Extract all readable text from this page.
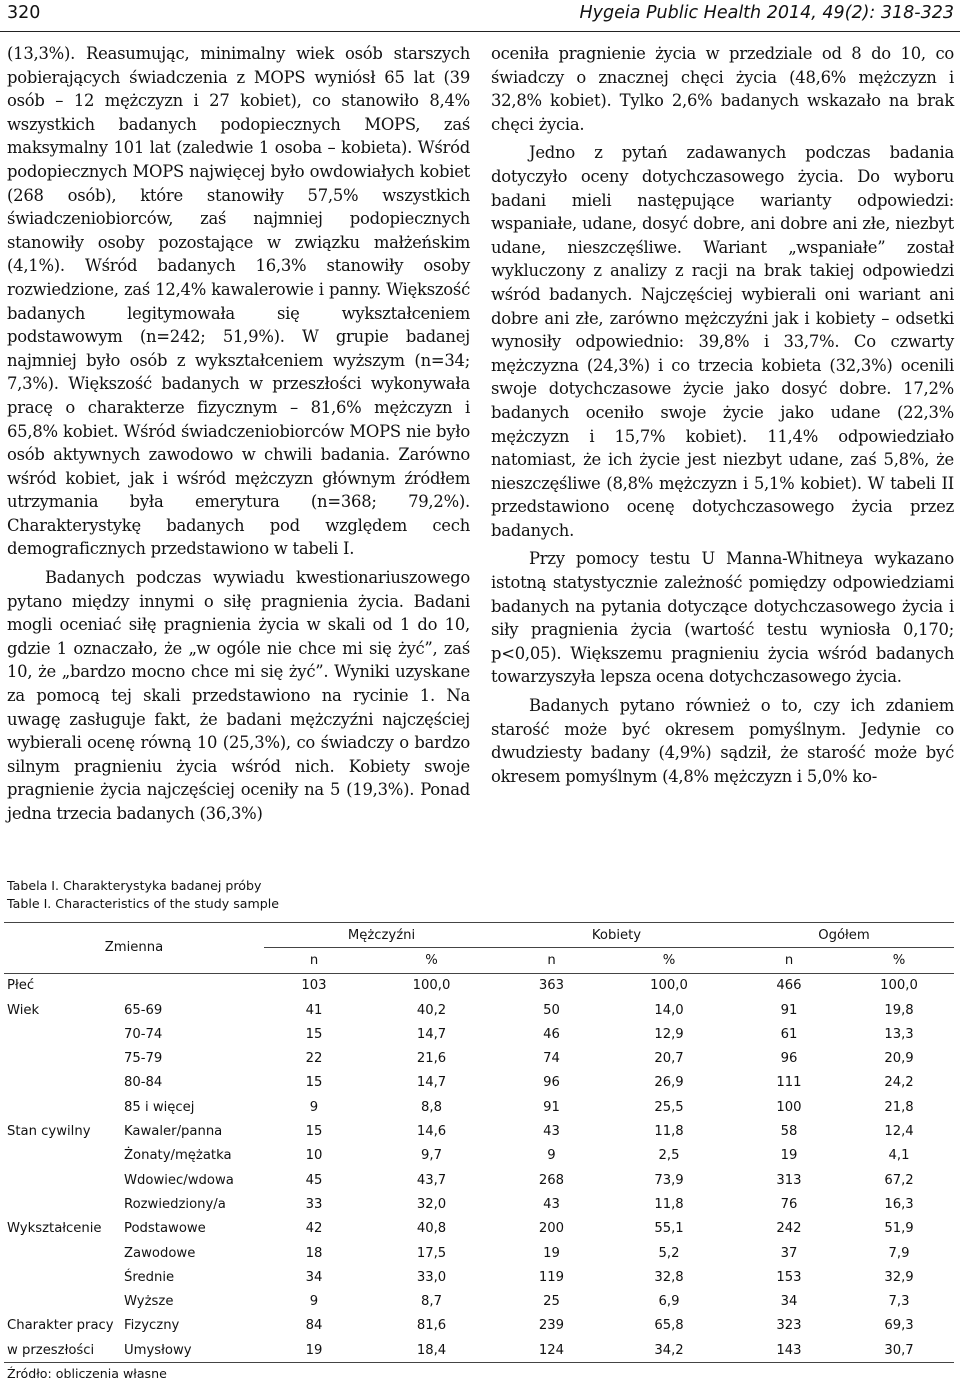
320	Hygeia Public Health 2014, 49(2): 318-323

(13,3%). Reasumując, minimalny wiek osób starszych pobierających świadczenia z MOPS wyniósł 65 lat (39 osób – 12 mężczyzn i 27 kobiet), co stanowiło 8,4% wszystkich badanych podopiecznych MOPS, zaś maksymalny 101 lat (zaledwie 1 osoba – kobieta). Wśród podopiecznych MOPS najwięcej było owdowiałych kobiet (268 osób), które stanowiły 57,5% wszystkich świadczeniobiorców, zaś najmniej podopiecznych stanowiły osoby pozostające w związku małżeńskim (4,1%). Wśród badanych 16,3% stanowiły osoby rozwiedzione, zaś 12,4% kawalerowie i panny. Większość badanych legitymowała się wykształceniem podstawowym (n=242; 51,9%). W grupie badanej najmniej było osób z wykształceniem wyższym (n=34; 7,3%). Większość badanych w przeszłości wykonywała pracę o charakterze fizycznym – 81,6% mężczyzn i 65,8% kobiet. Wśród świadczeniobiorców MOPS nie było osób aktywnych zawodowo w chwili badania. Zarówno wśród kobiet, jak i wśród mężczyzn głównym źródłem utrzymania była emerytura (n=368; 79,2%). Charakterystykę badanych pod względem cech demograficznych przedstawiono w tabeli I.

Badanych podczas wywiadu kwestionariuszowego pytano między innymi o siłę pragnienia życia. Badani mogli oceniać siłę pragnienia życia w skali od 1 do 10, gdzie 1 oznaczało, że „w ogóle nie chce mi się żyć”, zaś 10, że „bardzo mocno chce mi się żyć”. Wyniki uzyskane za pomocą tej skali przedstawiono na rycinie 1. Na uwagę zasługuje fakt, że badani mężczyźni najczęściej wybierali ocenę równą 10 (25,3%), co świadczy o bardzo silnym pragnieniu życia wśród nich. Kobiety swoje pragnienie życia najczęściej oceniły na 5 (19,3%). Ponad jedna trzecia badanych (36,3%)

oceniła pragnienie życia w przedziale od 8 do 10, co świadczy o znacznej chęci życia (48,6% mężczyzn i 32,8% kobiet). Tylko 2,6% badanych wskazało na brak chęci życia.

Jedno z pytań zadawanych podczas badania dotyczyło oceny dotychczasowego życia. Do wyboru badani mieli następujące warianty odpowiedzi: wspaniałe, udane, dosyć dobre, ani dobre ani złe, niezbyt udane, nieszczęśliwe. Wariant „wspaniałe” został wykluczony z analizy z racji na brak takiej odpowiedzi wśród badanych. Najczęściej wybierali oni wariant ani dobre ani złe, zarówno mężczyźni jak i kobiety – odsetki wynosiły odpowiednio: 39,8% i 33,7%. Co czwarty mężczyzna (24,3%) i co trzecia kobieta (32,3%) ocenili swoje dotychczasowe życie jako dosyć dobre. 17,2% badanych oceniło swoje życie jako udane (22,3% mężczyzn i 15,7% kobiet). 11,4% odpowiedziało natomiast, że ich życie jest niezbyt udane, zaś 5,8%, że nieszczęśliwe (8,8% mężczyzn i 5,1% kobiet). W tabeli II przedstawiono ocenę dotychczasowego życia przez badanych.

Przy pomocy testu U Manna-Whitneya wykazano istotną statystycznie zależność pomiędzy odpowiedziami badanych na pytania dotyczące dotychczasowego życia i siły pragnienia życia (wartość testu wyniosła 0,170; p<0,05). Większemu pragnieniu życia wśród badanych towarzyszyła lepsza ocena dotychczasowego życia.

Badanych pytano również o to, czy ich zdaniem starość może być okresem pomyślnym. Jedynie co dwudziesty badany (4,9%) sądził, że starość może być okresem pomyślnym (4,8% mężczyzn i 5,0% ko-

Tabela I. Charakterystyka badanej próby
Table I. Characteristics of the study sample
Zmienna		Mężczyźni		Kobiety		Ogółem	
		n	%	n	%	n	%
Płeć		103	100,0	363	100,0	466	100,0
Wiek	65-69	41	40,2	50	14,0	91	19,8
	70-74	15	14,7	46	12,9	61	13,3
	75-79	22	21,6	74	20,7	96	20,9
	80-84	15	14,7	96	26,9	111	24,2
	85 i więcej	9	8,8	91	25,5	100	21,8
Stan cywilny	Kawaler/panna	15	14,6	43	11,8	58	12,4
	Żonaty/mężatka	10	9,7	9	2,5	19	4,1
	Wdowiec/wdowa	45	43,7	268	73,9	313	67,2
	Rozwiedziony/a	33	32,0	43	11,8	76	16,3
Wykształcenie	Podstawowe	42	40,8	200	55,1	242	51,9
	Zawodowe	18	17,5	19	5,2	37	7,9
	Średnie	34	33,0	119	32,8	153	32,9
	Wyższe	9	8,7	25	6,9	34	7,3
Charakter pracy	Fizyczny	84	81,6	239	65,8	323	69,3
w przeszłości	Umysłowy	19	18,4	124	34,2	143	30,7
Źródło: obliczenia własne
